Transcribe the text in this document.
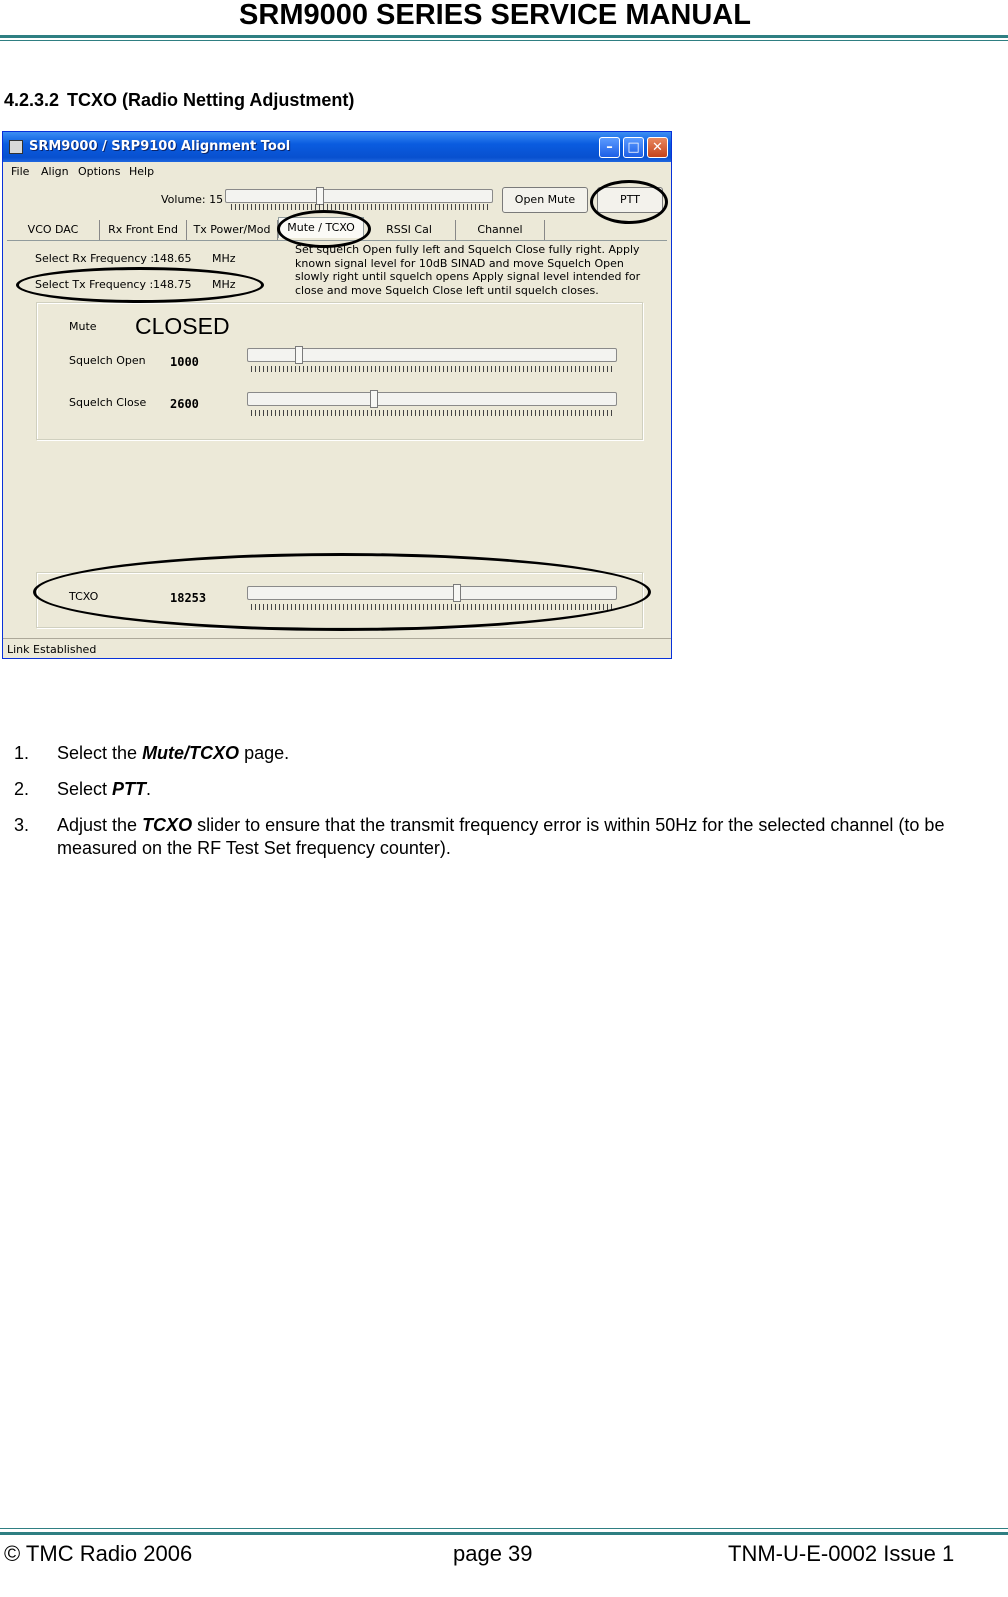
SRM9000 SERIES SERVICE MANUAL
4.2.3.2 TCXO (Radio Netting Adjustment)
SRM9000 / SRP9100 Alignment Tool	–	□ ✕
File Align Options Help
Volume: 15	Open Mute	PTT
VCO DAC	Rx Front End	Tx Power/Mod	Mute / TCXO	RSSI Cal	Channel
Select Rx Frequency :
148.65 MHz
Select Tx Frequency : 148.75 MHz
Set squelch Open fully left and Squelch Close fully right. Apply known signal level for 10dB SINAD and move Squelch Open slowly right until squelch opens Apply signal level intended for close and move Squelch Close left until squelch closes.
Mute CLOSED
Squelch Open 1000
Squelch Close 2600
TCXO	18253
Link Established
1. Select the Mute/TCXO page.
2. Select PTT.
3. Adjust the TCXO slider to ensure that the transmit frequency error is within 50Hz for the selected channel (to be measured on the RF Test Set frequency counter).
© TMC Radio 2006	page 39	TNM-U-E-0002 Issue 1
